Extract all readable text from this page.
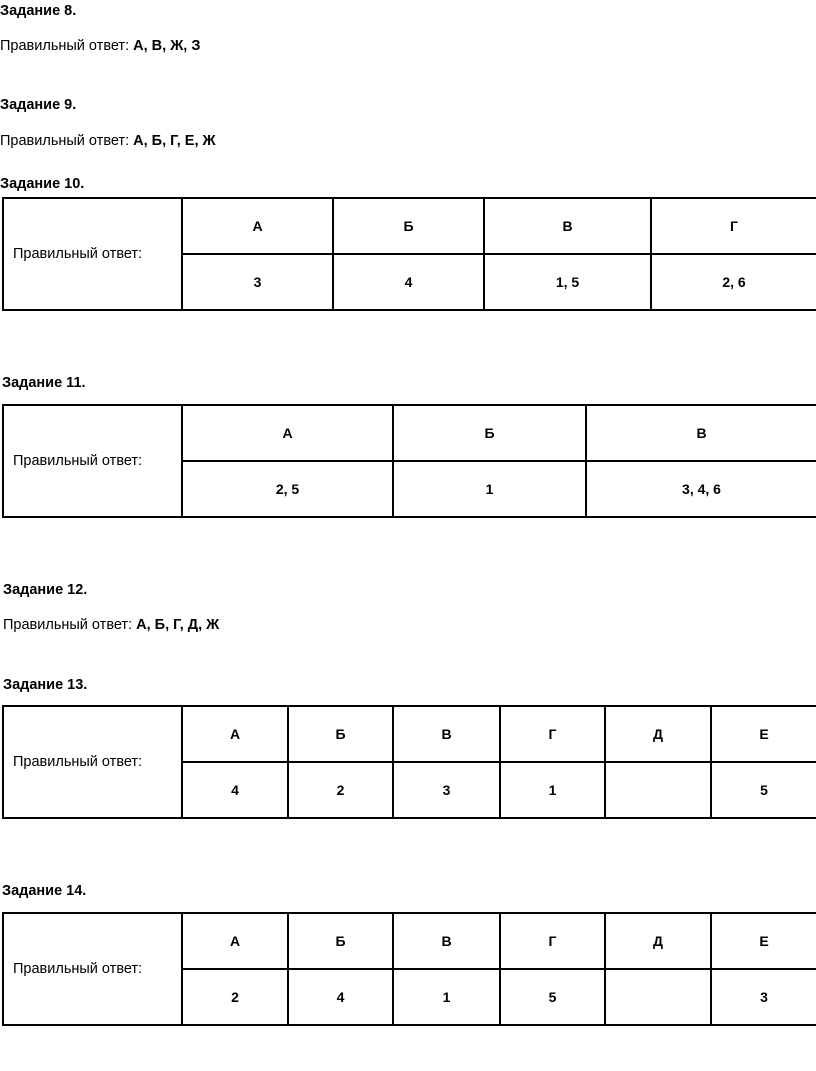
Задание 8.
Правильный ответ: А, В, Ж, З
Задание 9.
Правильный ответ: А, Б, Г, Е, Ж
Задание 10.
Правильный ответ:	А	Б	В	Г
	3	4	1, 5	2, 6
Задание 11.
Правильный ответ:	А	Б	В
	2, 5	1	3, 4, 6
Задание 12.
Правильный ответ: А, Б, Г, Д, Ж
Задание 13.
Правильный ответ:	А	Б	В	Г	Д	Е
	4	2	3	1		5
Задание 14.
Правильный ответ:	А	Б	В	Г	Д	Е
	2	4	1	5		3
